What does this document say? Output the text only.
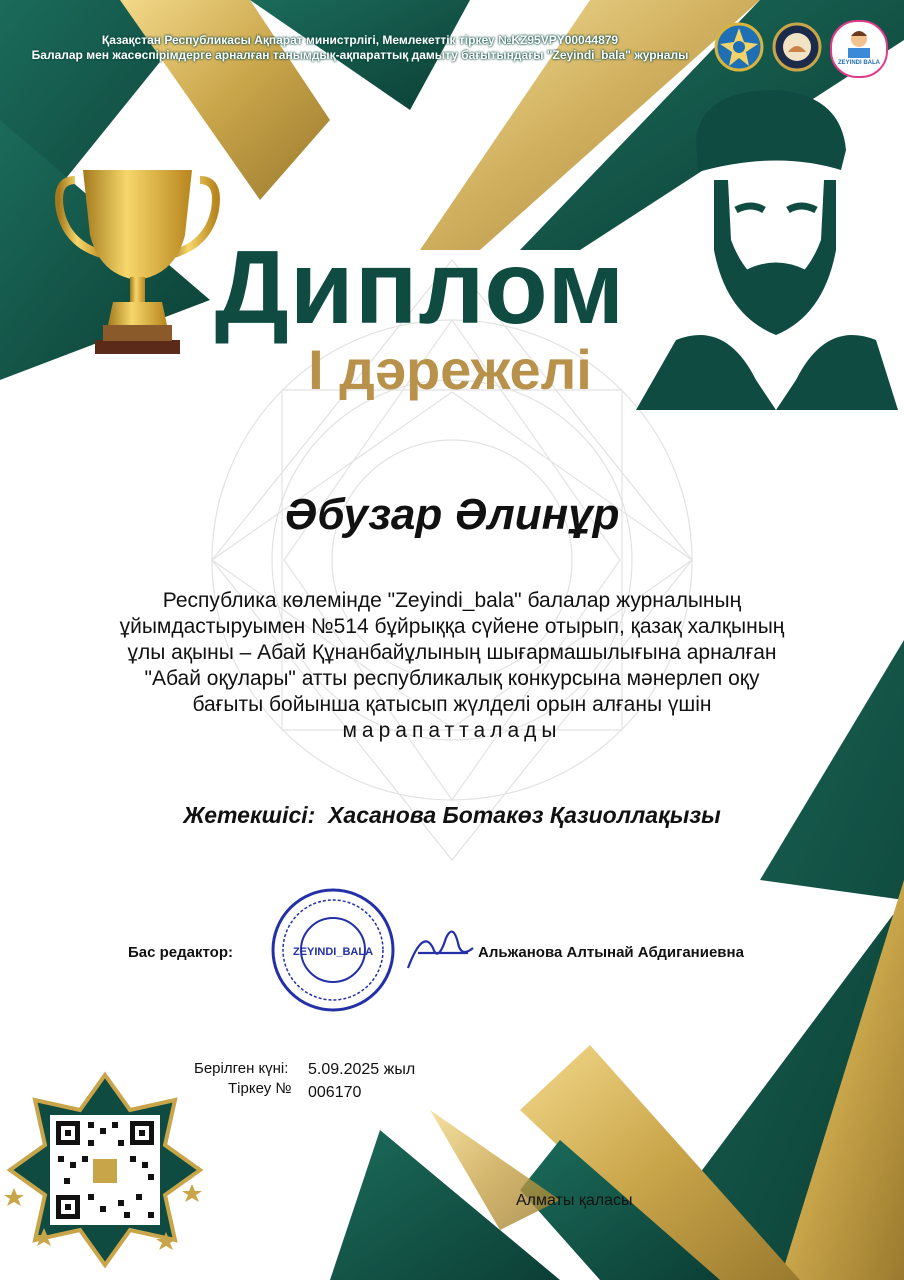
Қазақстан Республикасы Ақпарат министрлігі, Мемлекеттік тіркеу №KZ95VPY00044879
Балалар мен жасөспірімдерге арналған танымдық-ақпараттық дамыту бағытындағы "Zeyindi_bala" журналы
ZEYINDI BALA
Диплом
І дәрежелі
Әбузар Әлинұр
Республика көлемінде "Zeyindi_bala" балалар журналының
ұйымдастыруымен №514 бұйрыққа сүйене отырып, қазақ халқының
ұлы ақыны – Абай Құнанбайұлының шығармашылығына арналған
"Абай оқулары" атты республикалық конкурсына мәнерлеп оқу
бағыты бойынша қатысып жүлделі орын алғаны үшін
марапатталады
Жетекшісі: Хасанова Ботакөз Қазиоллақызы
Бас редактор:	ZEYINDI_BALA	Альжанова Алтынай Абдиганиевна
Берілген күні: 5.09.2025 жыл
Тіркеу № 006170
Алматы қаласы
